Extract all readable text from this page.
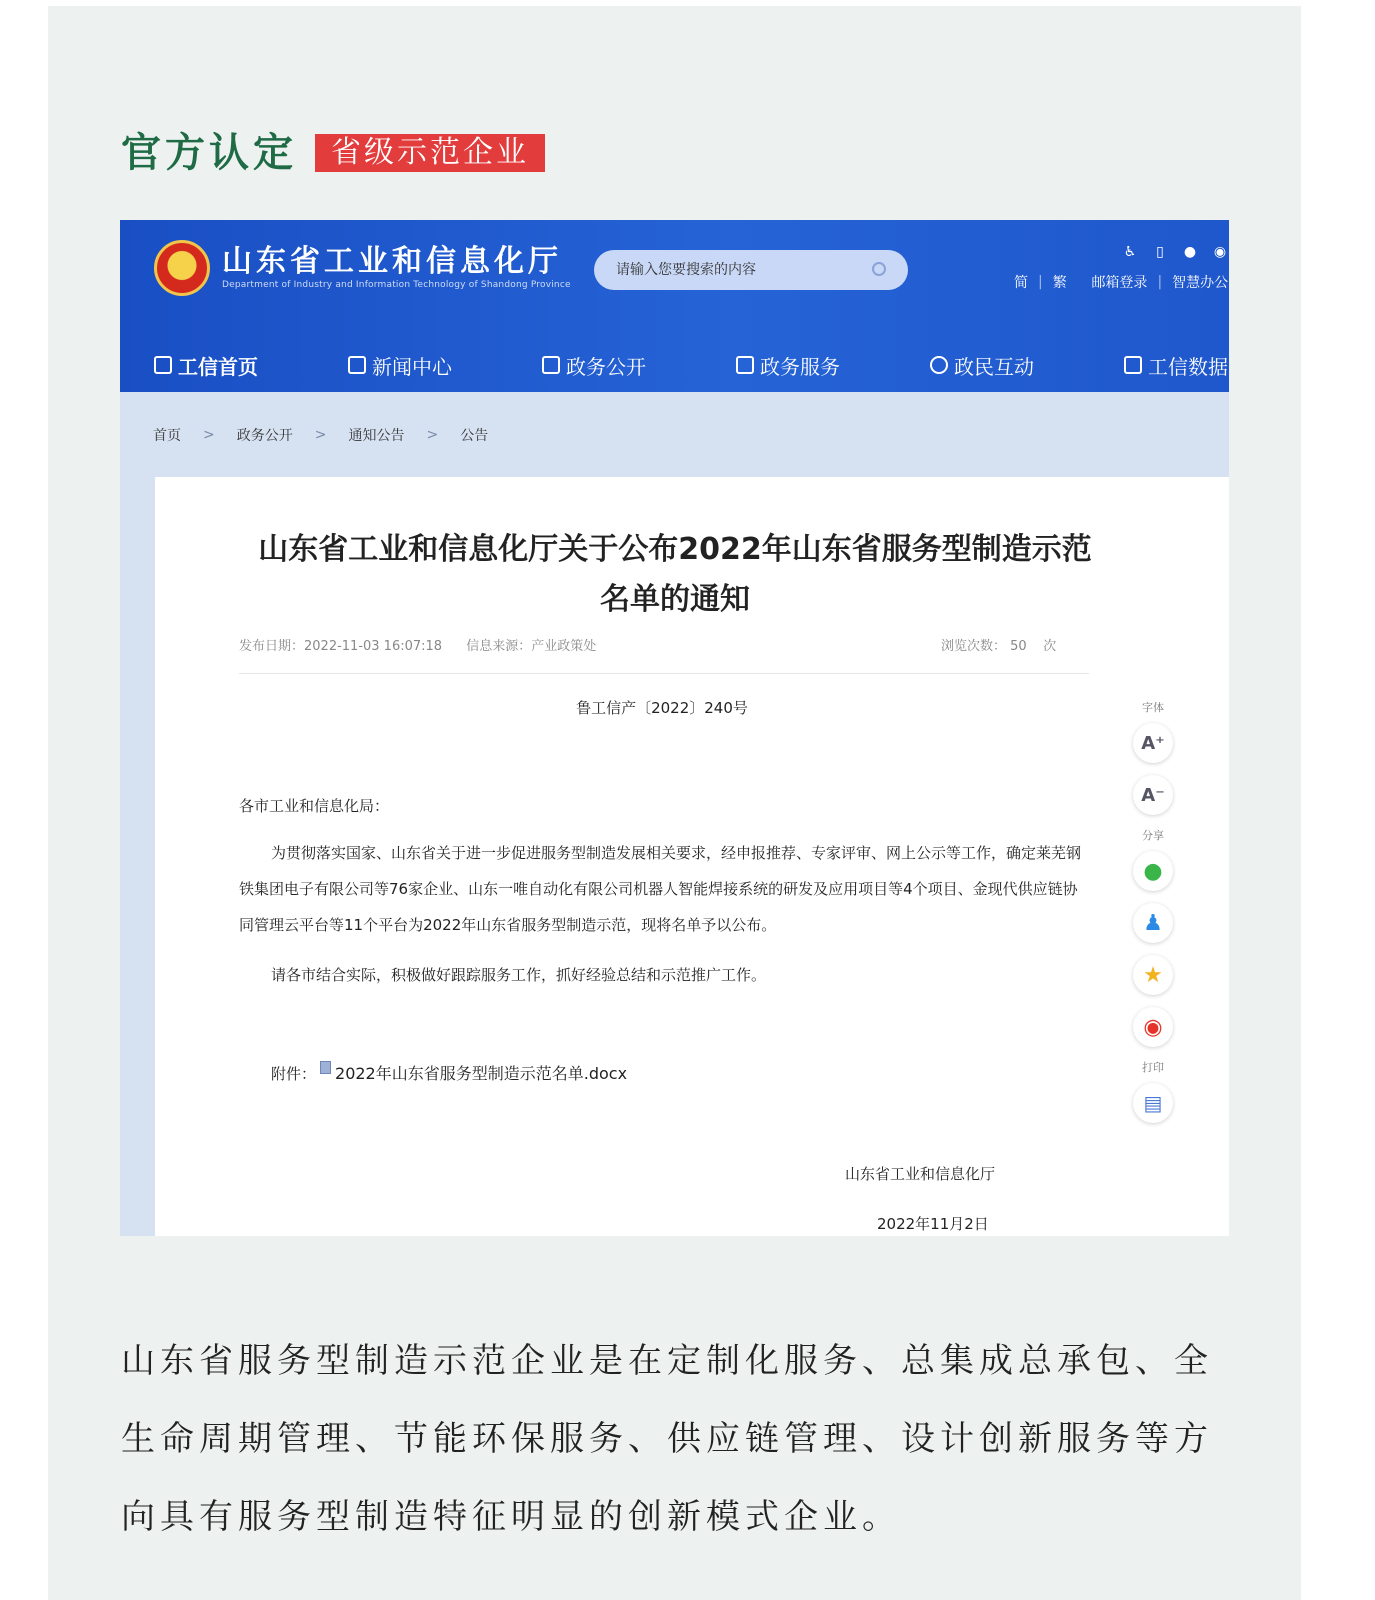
官方认定	省级示范企业
山东省工业和信息化厅
Department of Industry and Information Technology of Shandong Province
请输入您要搜索的内容
♿ ▯ ● ◉
简 | 繁 邮箱登录 | 智慧办公
工信首页	新闻中心	政务公开	政务服务	政民互动	工信数据
首页 > 政务公开 > 通知公告 > 公告
山东省工业和信息化厅关于公布2022年山东省服务型制造示范名单的通知
发布日期：2022-11-03 16:07:18 信息来源：产业政策处	浏览次数： 50    次
鲁工信产〔2022〕240号
各市工业和信息化局：
为贯彻落实国家、山东省关于进一步促进服务型制造发展相关要求，经申报推荐、专家评审、网上公示等工作，确定莱芜钢铁集团电子有限公司等76家企业、山东一唯自动化有限公司机器人智能焊接系统的研发及应用项目等4个项目、金现代供应链协同管理云平台等11个平台为2022年山东省服务型制造示范，现将名单予以公布。
请各市结合实际，积极做好跟踪服务工作，抓好经验总结和示范推广工作。
附件： 2022年山东省服务型制造示范名单.docx
山东省工业和信息化厅
2022年11月2日
字体
A⁺
A⁻
分享
●
♟
★
◉
打印
▤
山东省服务型制造示范企业是在定制化服务、总集成总承包、全生命周期管理、节能环保服务、供应链管理、设计创新服务等方向具有服务型制造特征明显的创新模式企业。
